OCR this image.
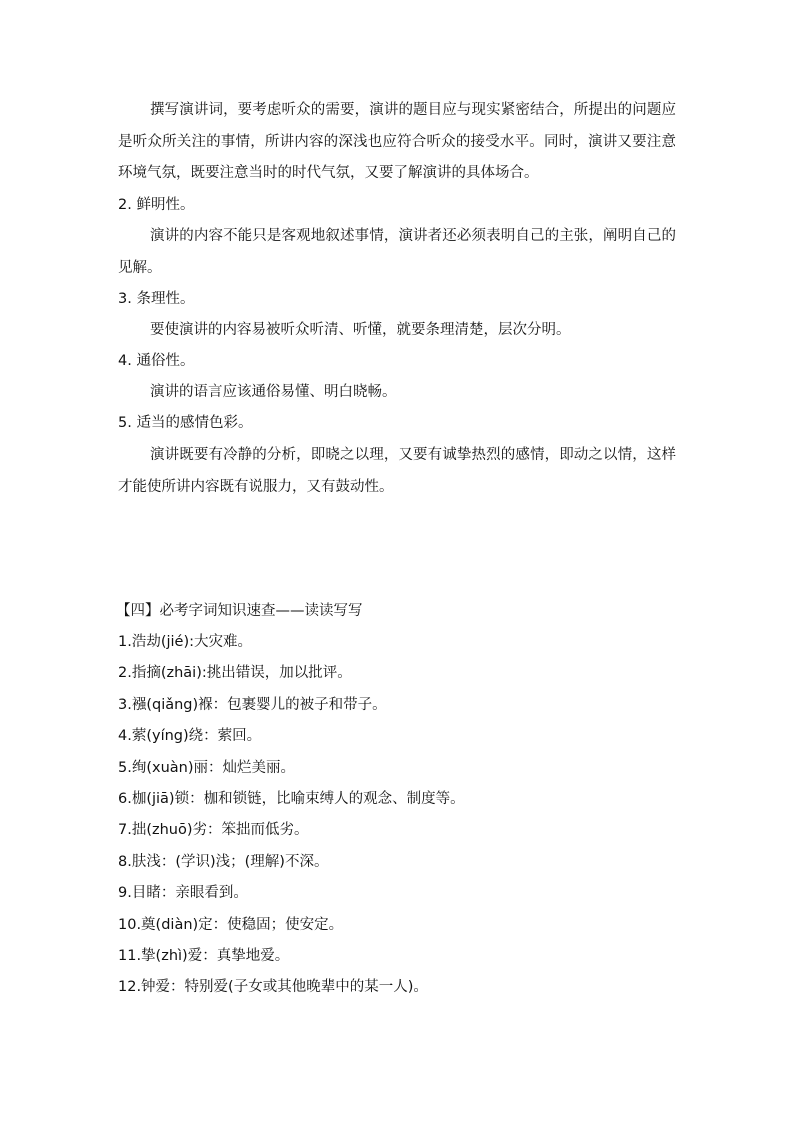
撰写演讲词，要考虑听众的需要，演讲的题目应与现实紧密结合，所提出的问题应是听众所关注的事情，所讲内容的深浅也应符合听众的接受水平。同时，演讲又要注意环境气氛，既要注意当时的时代气氛，又要了解演讲的具体场合。

2. 鲜明性。

演讲的内容不能只是客观地叙述事情，演讲者还必须表明自己的主张，阐明自己的见解。

3. 条理性。

要使演讲的内容易被听众听清、听懂，就要条理清楚，层次分明。

4. 通俗性。

演讲的语言应该通俗易懂、明白晓畅。

5. 适当的感情色彩。

演讲既要有冷静的分析，即晓之以理，又要有诚挚热烈的感情，即动之以情，这样才能使所讲内容既有说服力，又有鼓动性。

【四】必考字词知识速查——读读写写
1.浩劫(jié):大灾难。
2.指摘(zhāi):挑出错误，加以批评。
3.襁(qiǎng)褓：包裹婴儿的被子和带子。
4.萦(yíng)绕：萦回。
5.绚(xuàn)丽：灿烂美丽。
6.枷(jiā)锁：枷和锁链，比喻束缚人的观念、制度等。
7.拙(zhuō)劣：笨拙而低劣。
8.肤浅：(学识)浅；(理解)不深。
9.目睹：亲眼看到。
10.奠(diàn)定：使稳固；使安定。
11.挚(zhì)爱：真挚地爱。
12.钟爱：特别爱(子女或其他晚辈中的某一人)。
